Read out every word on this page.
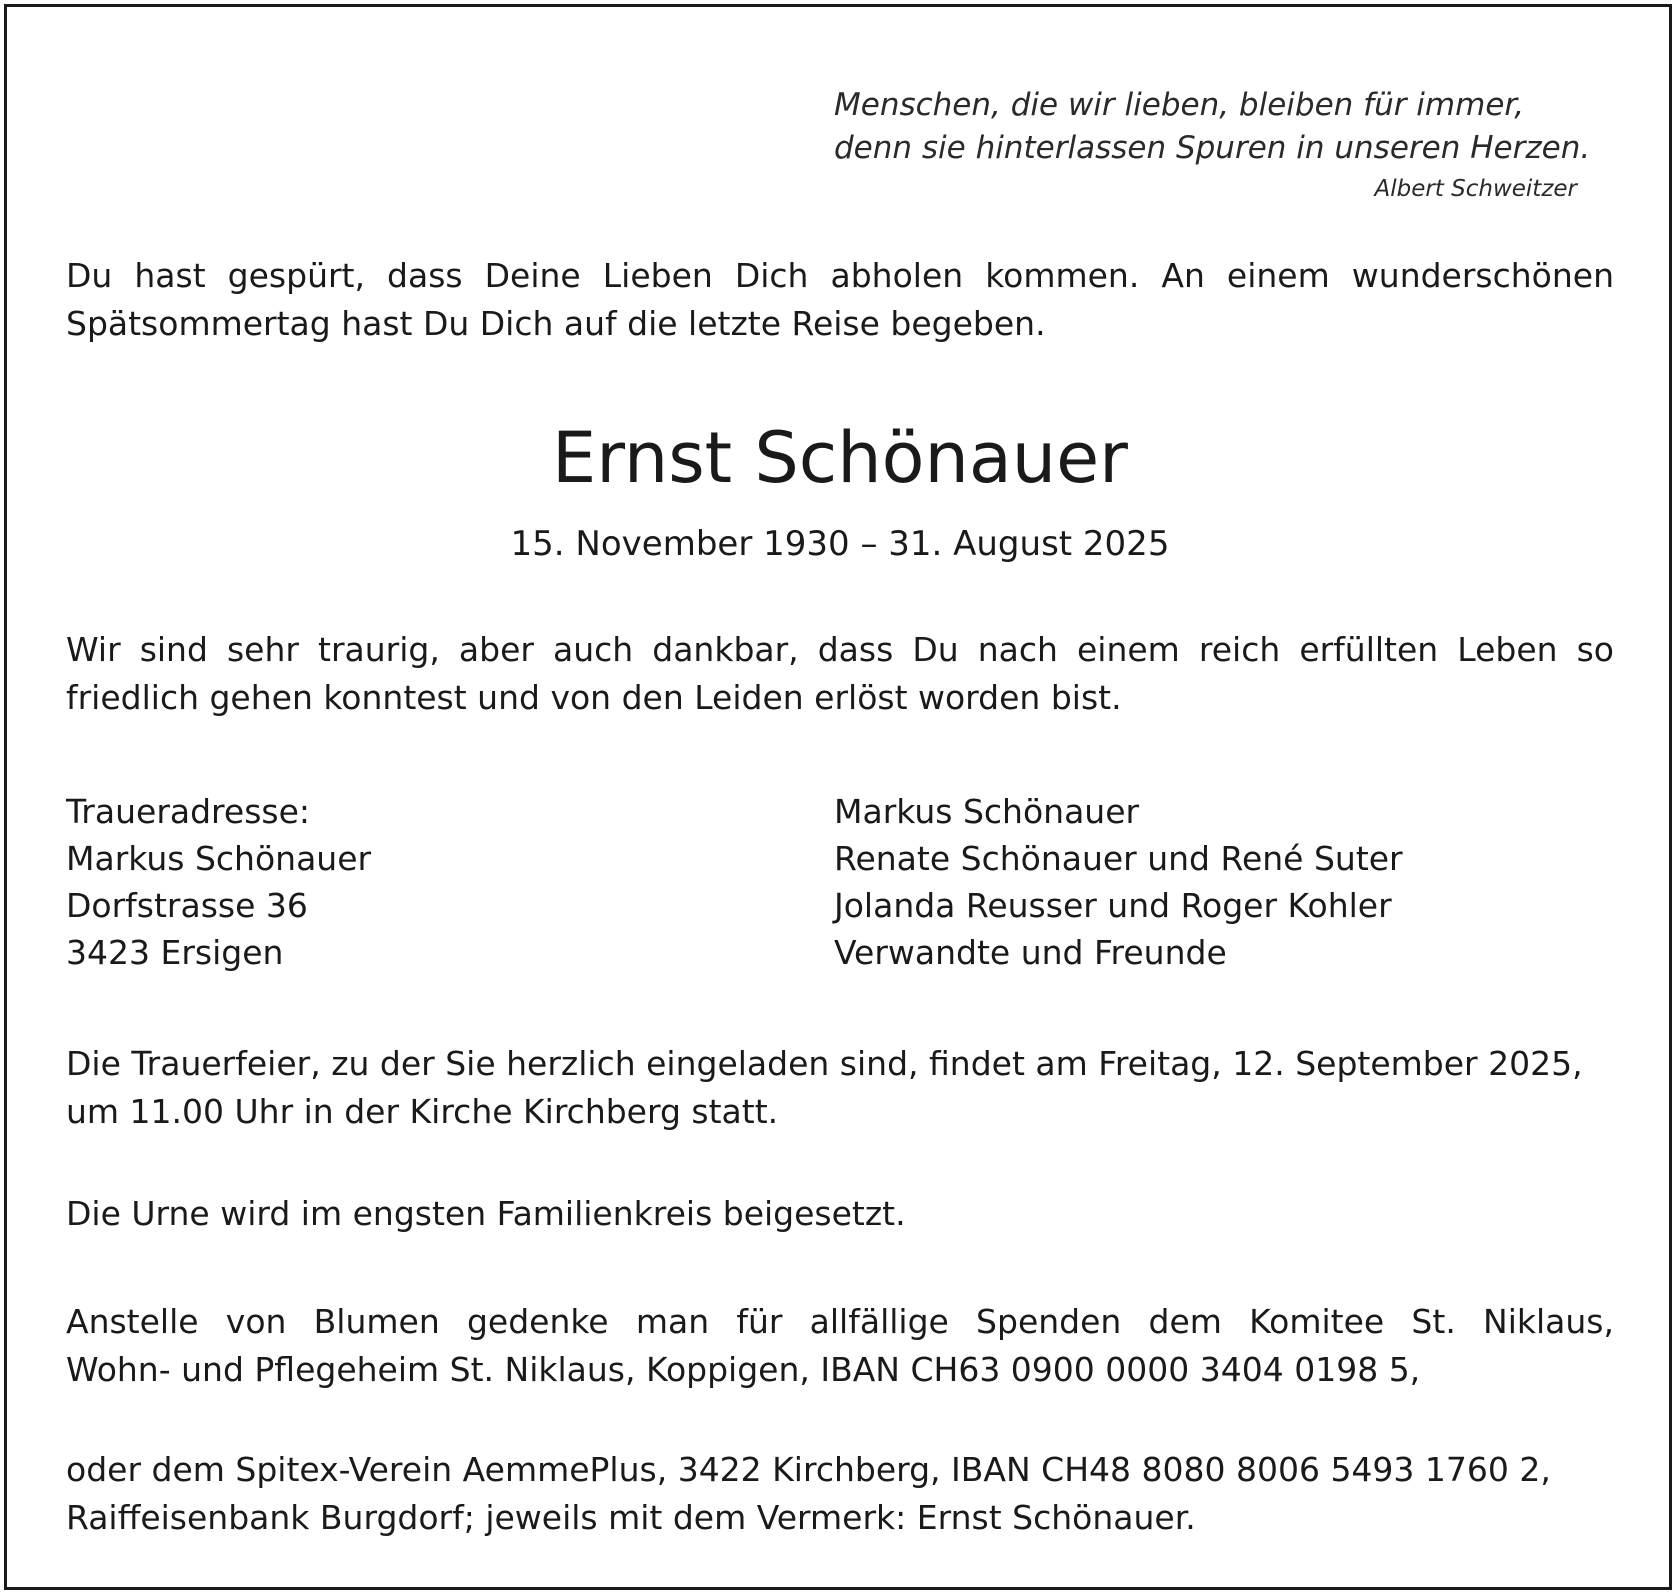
Menschen, die wir lieben, bleiben für immer,
denn sie hinterlassen Spuren in unseren Herzen.
Albert Schweitzer
Du hast gespürt, dass Deine Lieben Dich abholen kommen. An einem wunderschönen
Spätsommertag hast Du Dich auf die letzte Reise begeben.
Ernst Schönauer
15. November 1930 – 31. August 2025
Wir sind sehr traurig, aber auch dankbar, dass Du nach einem reich erfüllten Leben so
friedlich gehen konntest und von den Leiden erlöst worden bist.
Traueradresse:
Markus Schönauer
Dorfstrasse 36
3423 Ersigen
Markus Schönauer
Renate Schönauer und René Suter
Jolanda Reusser und Roger Kohler
Verwandte und Freunde
Die Trauerfeier, zu der Sie herzlich eingeladen sind, findet am Freitag, 12. September 2025,
um 11.00 Uhr in der Kirche Kirchberg statt.
Die Urne wird im engsten Familienkreis beigesetzt.
Anstelle von Blumen gedenke man für allfällige Spenden dem Komitee St. Niklaus,
Wohn- und Pflegeheim St. Niklaus, Koppigen, IBAN CH63 0900 0000 3404 0198 5,
oder dem Spitex-Verein AemmePlus, 3422 Kirchberg, IBAN CH48 8080 8006 5493 1760 2,
Raiffeisenbank Burgdorf; jeweils mit dem Vermerk: Ernst Schönauer.
